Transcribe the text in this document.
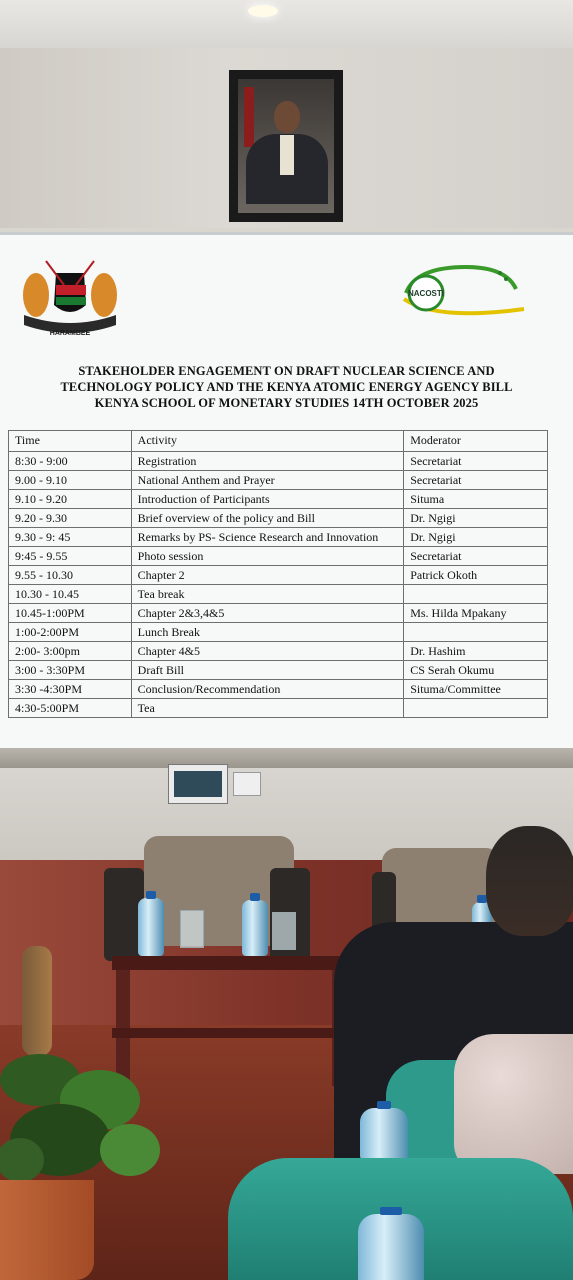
HARAMBEE
NACOSTI
STAKEHOLDER ENGAGEMENT ON DRAFT NUCLEAR SCIENCE AND
TECHNOLOGY POLICY AND THE KENYA ATOMIC ENERGY AGENCY BILL
KENYA SCHOOL OF MONETARY STUDIES 14TH OCTOBER 2025
Time	Activity	Moderator
8:30 - 9:00	Registration	Secretariat
9.00 - 9.10	National Anthem and Prayer	Secretariat
9.10 - 9.20	Introduction of Participants	Situma
9.20 - 9.30	Brief overview of the policy and Bill	Dr. Ngigi
9.30 - 9: 45	Remarks by PS- Science Research and Innovation	Dr. Ngigi
9:45 - 9.55	Photo session	Secretariat
9.55 - 10.30	Chapter 2	Patrick Okoth
10.30 - 10.45	Tea break	
10.45-1:00PM	Chapter 2&3,4&5	Ms. Hilda Mpakany
1:00-2:00PM	Lunch Break	
2:00- 3:00pm	Chapter 4&5	Dr. Hashim
3:00 - 3:30PM	Draft Bill	CS Serah Okumu
3:30 -4:30PM	Conclusion/Recommendation	Situma/Committee
4:30-5:00PM	Tea	
